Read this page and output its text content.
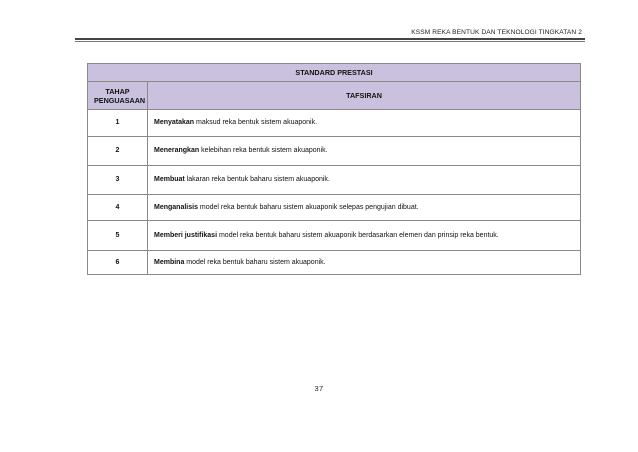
KSSM REKA BENTUK DAN TEKNOLOGI TINGKATAN 2
STANDARD PRESTASI	
TAHAP PENGUASAAN	TAFSIRAN
1	Menyatakan maksud reka bentuk sistem akuaponik.
2	Menerangkan kelebihan reka bentuk sistem akuaponik.
3	Membuat lakaran reka bentuk baharu sistem akuaponik.
4	Menganalisis model reka bentuk baharu sistem akuaponik selepas pengujian dibuat.
5	Memberi justifikasi model reka bentuk baharu sistem akuaponik berdasarkan elemen dan prinsip reka bentuk.
6	Membina model reka bentuk baharu sistem akuaponik.
37
